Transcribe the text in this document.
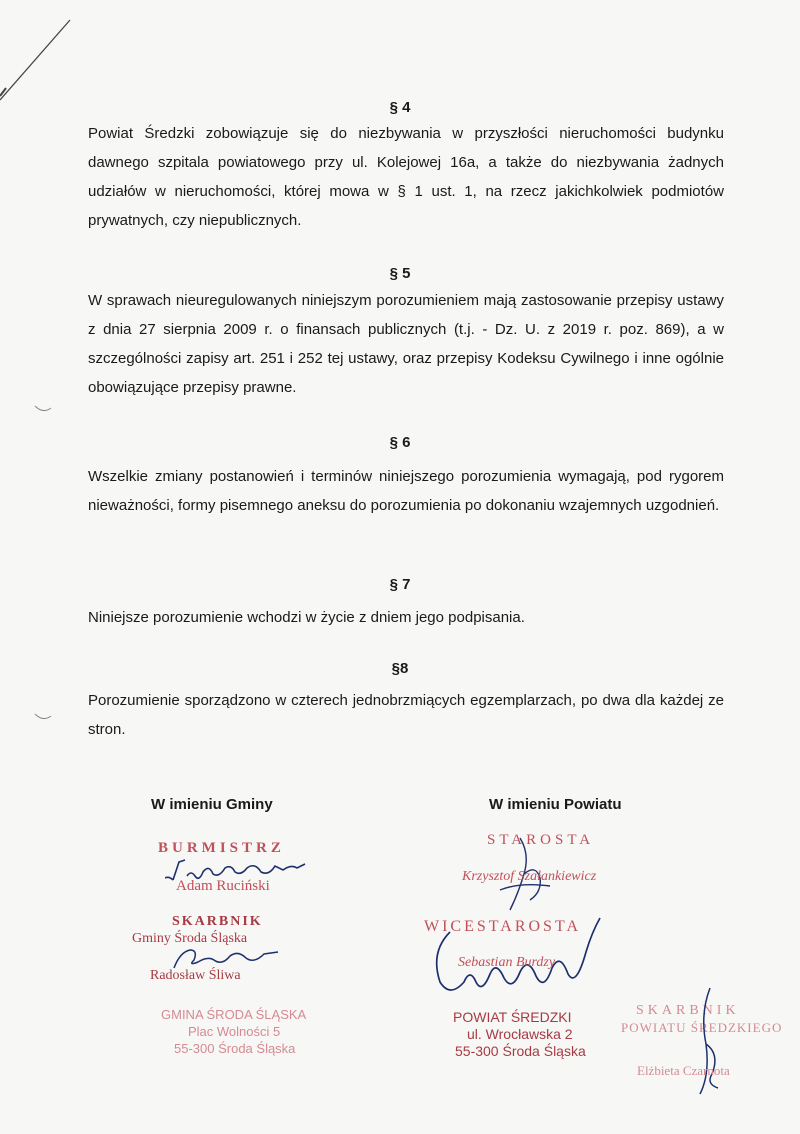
§ 4
Powiat Średzki zobowiązuje się do niezbywania w przyszłości nieruchomości budynku dawnego szpitala powiatowego przy ul. Kolejowej 16a, a także do niezbywania żadnych udziałów w nieruchomości, której mowa w § 1 ust. 1, na rzecz jakichkolwiek podmiotów prywatnych, czy niepublicznych.
§ 5
W sprawach nieuregulowanych niniejszym porozumieniem mają zastosowanie przepisy ustawy z dnia 27 sierpnia 2009 r. o finansach publicznych (t.j. - Dz. U. z 2019 r. poz. 869), a w szczególności zapisy art. 251 i 252 tej ustawy, oraz przepisy Kodeksu Cywilnego i inne ogólnie obowiązujące przepisy prawne.
§ 6
Wszelkie zmiany postanowień i terminów niniejszego porozumienia wymagają, pod rygorem nieważności, formy pisemnego aneksu do porozumienia po dokonaniu wzajemnych uzgodnień.
§ 7
Niniejsze porozumienie wchodzi w życie z dniem jego podpisania.
§8
Porozumienie sporządzono w czterech jednobrzmiących egzemplarzach, po dwa dla każdej ze stron.
W imieniu Gminy	W imieniu Powiatu
BURMISTRZ
Adam Ruciński
SKARBNIK
Gminy Środa Śląska
Radosław Śliwa
GMINA ŚRODA ŚLĄSKA
Plac Wolności 5
55-300 Środa Śląska
STAROSTA
Krzysztof Szałankiewicz
WICESTAROSTA
Sebastian Burdzy
POWIAT ŚREDZKI
ul. Wrocławska 2
55-300 Środa Śląska
SKARBNIK
POWIATU ŚREDZKIEGO
Elżbieta Czarnota
